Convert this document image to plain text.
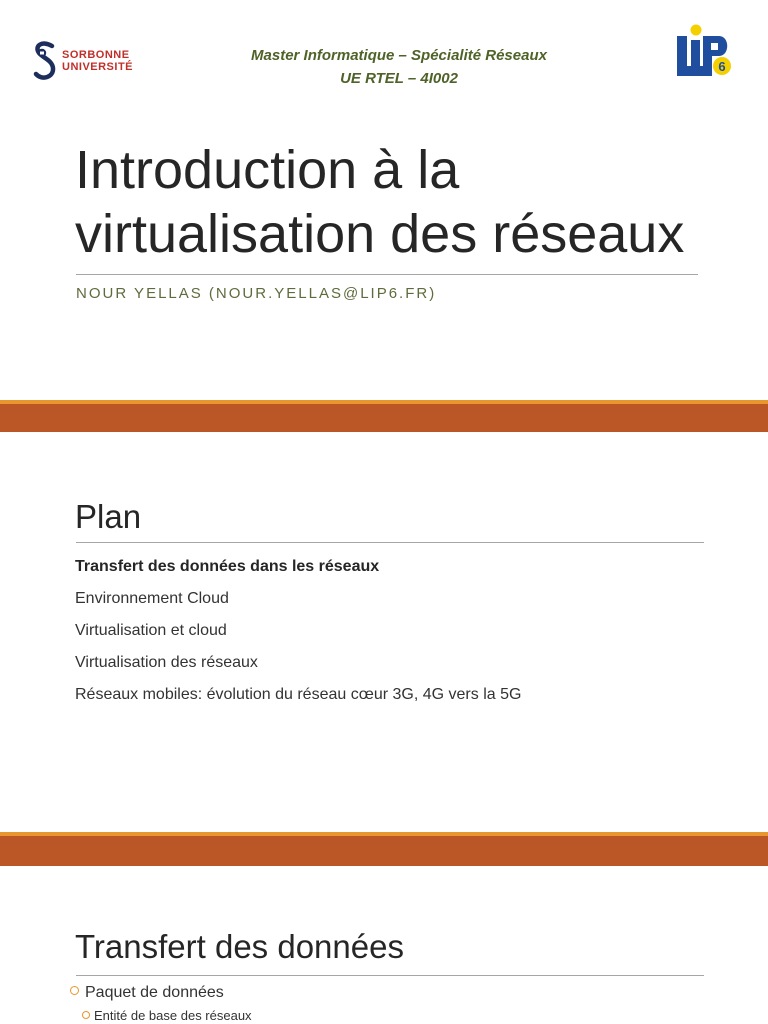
SORBONNE
UNIVERSITÉ
Master Informatique – Spécialité Réseaux
UE RTEL – 4I002
6
Introduction à la
virtualisation des réseaux
NOUR YELLAS (NOUR.YELLAS@LIP6.FR)
Plan
Transfert des données dans les réseaux
Environnement Cloud
Virtualisation et cloud
Virtualisation des réseaux
Réseaux mobiles: évolution du réseau cœur 3G, 4G vers la 5G
Transfert des données
Paquet de données
Entité de base des réseaux
